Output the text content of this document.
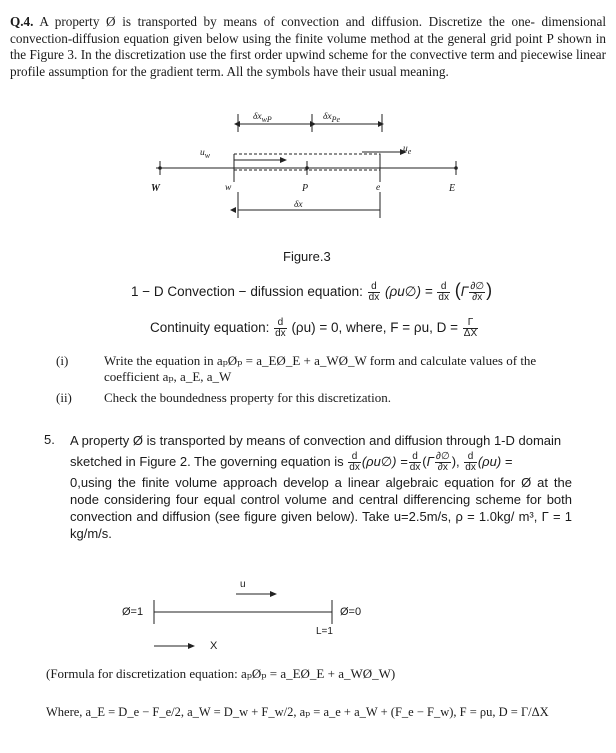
Q.4. A property Ø is transported by means of convection and diffusion. Discretize the one- dimensional convection-diffusion equation given below using the finite volume method at the general grid point P shown in the Figure 3. In the discretization use the first order upwind scheme for the convective term and piecewise linear profile assumption for the gradient term. All the symbols have their usual meaning.
$\delta x_{wP}$	$\delta x_{Pe}$
$u_w$
$u_e$
W	w	P	e	E
δx
Figure.3
1 − D Convection − difussion equation: $\frac{d}{dx}$ (ρu∅) = $\frac{d}{dx} (\Gamma \frac{\partial\emptyset}{\partial x}$ )
Continuity equation: $\frac{d}{dx} (\rho u) = 0$, where, F = ρu, $D = \frac{\Gamma}{\Delta X}$
(i)	Write the equation in aₚØₚ = a_EØ_E + a_WØ_W form and calculate values of the coefficient aₚ, a_E, a_W
(ii) Check the boundedness property for this discretization.
5. A property Ø is transported by means of convection and diffusion through 1-D domain
sketched in Figure 2. The governing equation is $\frac{d}{dx}$ (ρu∅) = $\frac{d}{dx} (\Gamma \frac{\partial\emptyset}{\partial x}$ ), $\frac{d}{dx} (\rho u)$ =
0,using the finite volume approach develop a linear algebraic equation for Ø at the node considering four equal control volume and central differencing scheme for both convection and diffusion (see figure given below). Take u=2.5m/s, ρ = 1.0kg/ m³, Γ = 1 kg/m/s.
u
Ø=1	Ø=0
L=1
X
(Formula for discretization equation: aₚØₚ = a_EØ_E + a_WØ_W)
Where, a_E = D_e − F_e/2, a_W = D_w + F_w/2, aₚ = a_e + a_W + (F_e − F_w), F = ρu, D = Γ/ΔX
